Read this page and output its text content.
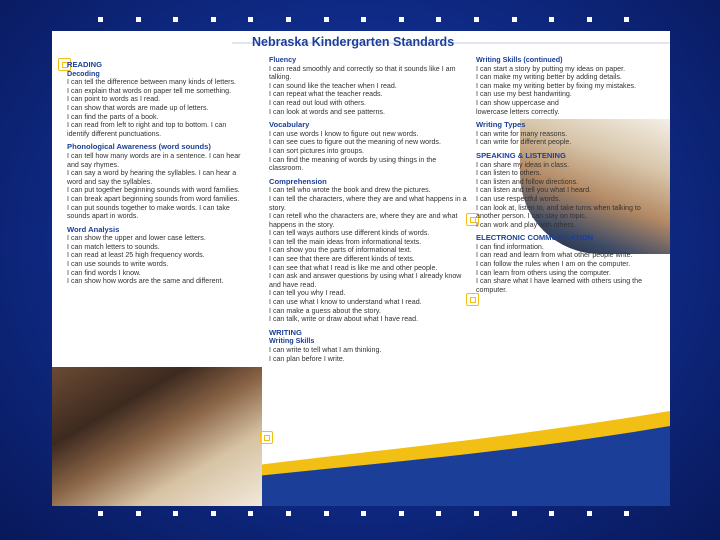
Nebraska Kindergarten Standards

READING

Decoding

I can tell the difference between many kinds of letters.

I can explain that words on paper tell me something.

I can point to words as I read.

I can show that words are made up of letters.

I can find the parts of a book.

I can read from left to right and top to bottom. I can identify different punctuations.

Phonological Awareness (word sounds)

I can tell how many words are in a sentence. I can hear and say rhymes.

I can say a word by hearing the syllables. I can hear a word and say the syllables.

I can put together beginning sounds with word families.

I can break apart beginning sounds from word families.

I can put sounds together to make words. I can take sounds apart in words.

Word Analysis

I can show the upper and lower case letters.

I can match letters to sounds.

I can read at least 25 high frequency words.

I can use sounds to write words.

I can find words I know.

I can show how words are the same and different.

Fluency

I can read smoothly and correctly so that it sounds like I am talking.

I can sound like the teacher when I read.

I can repeat what the teacher reads.

I can read out loud with others.

I can look at words and see patterns.

Vocabulary

I can use words I know to figure out new words.

I can see cues to figure out the meaning of new words.

I can sort pictures into groups.

I can find the meaning of words by using things in the classroom.

Comprehension

I can tell who wrote the book and drew the pictures.

I can tell the characters, where they are and what happens in a story.

I can retell who the characters are, where they are and what happens in the story.

I can tell ways authors use different kinds of words.

I can tell the main ideas from informational texts.

I can show you the parts of informational text.

I can see that there are different kinds of texts.

I can see that what I read is like me and other people.

I can ask and answer questions by using what I already know and have read.

I can tell you why I read.

I can use what I know to understand what I read.

I can make a guess about the story.

I can talk, write or draw about what I have read.

WRITING

Writing Skills

I can write to tell what I am thinking.

I can plan before I write.

Writing Skills (continued)

I can start a story by putting my ideas on paper.

I can make my writing better by adding details.

I can make my writing better by fixing my mistakes.

I can use my best handwriting.

I can show uppercase and lowercase letters correctly.

Writing Types

I can write for many reasons.

I can write for different people.

SPEAKING & LISTENING

I can share my ideas in class.

I can listen to others.

I can listen and follow directions.

I can listen and tell you what I heard.

I can use respectful words.

I can look at, listen to, and take turns when talking to another person. I can stay on topic.

I can work and play with others.

ELECTRONIC COMMUNICATION

I can find information.

I can read and learn from what other people write.

I can follow the rules when I am on the computer.

I can learn from others using the computer.

I can share what I have learned with others using the computer.
